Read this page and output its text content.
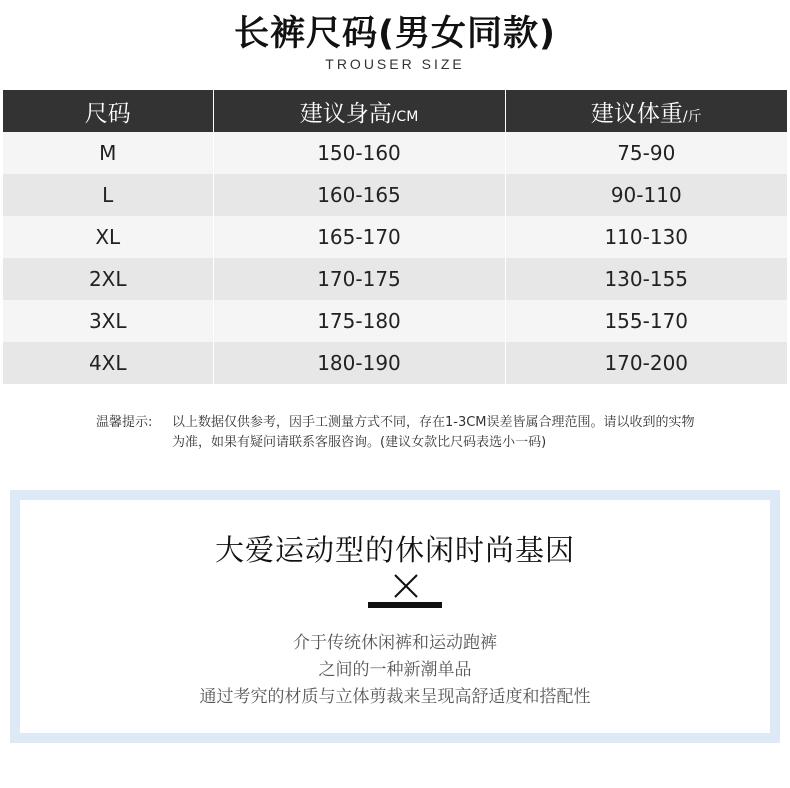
长裤尺码(男女同款)
TROUSER SIZE
尺码	建议身高/CM	建议体重/斤
M	150-160	75-90
L	160-165	90-110
XL	165-170	110-130
2XL	170-175	130-155
3XL	175-180	155-170
4XL	180-190	170-200
温馨提示: 以上数据仅供参考，因手工测量方式不同，存在1-3CM误差皆属合理范围。请以收到的实物为准，如果有疑问请联系客服咨询。(建议女款比尺码表选小一码)
大爱运动型的休闲时尚基因
介于传统休闲裤和运动跑裤
之间的一种新潮单品
通过考究的材质与立体剪裁来呈现高舒适度和搭配性
